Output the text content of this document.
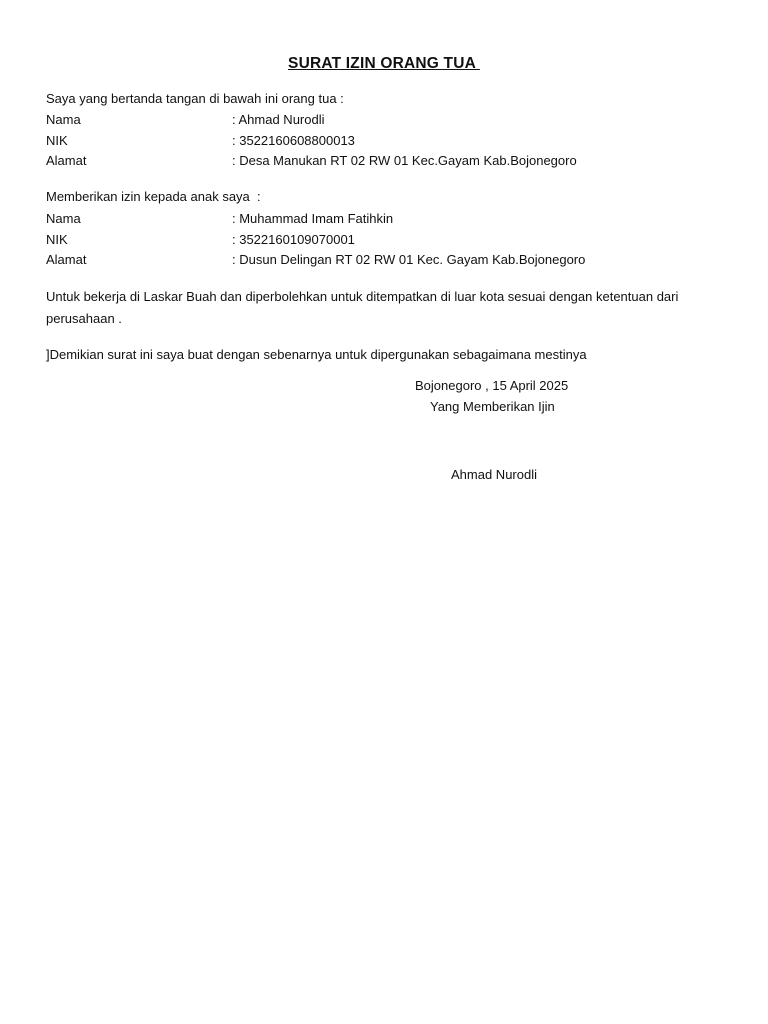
SURAT IZIN ORANG TUA
Saya yang bertanda tangan di bawah ini orang tua :
Nama	: Ahmad Nurodli
NIK	: 3522160608800013
Alamat	: Desa Manukan RT 02 RW 01 Kec.Gayam Kab.Bojonegoro
Memberikan izin kepada anak saya  :
Nama	: Muhammad Imam Fatihkin
NIK	: 3522160109070001
Alamat	: Dusun Delingan RT 02 RW 01 Kec. Gayam Kab.Bojonegoro
Untuk bekerja di Laskar Buah dan diperbolehkan untuk ditempatkan di luar kota sesuai dengan ketentuan dari perusahaan .
]Demikian surat ini saya buat dengan sebenarnya untuk dipergunakan sebagaimana mestinya
Bojonegoro , 15 April 2025
Yang Memberikan Ijin
Ahmad Nurodli
